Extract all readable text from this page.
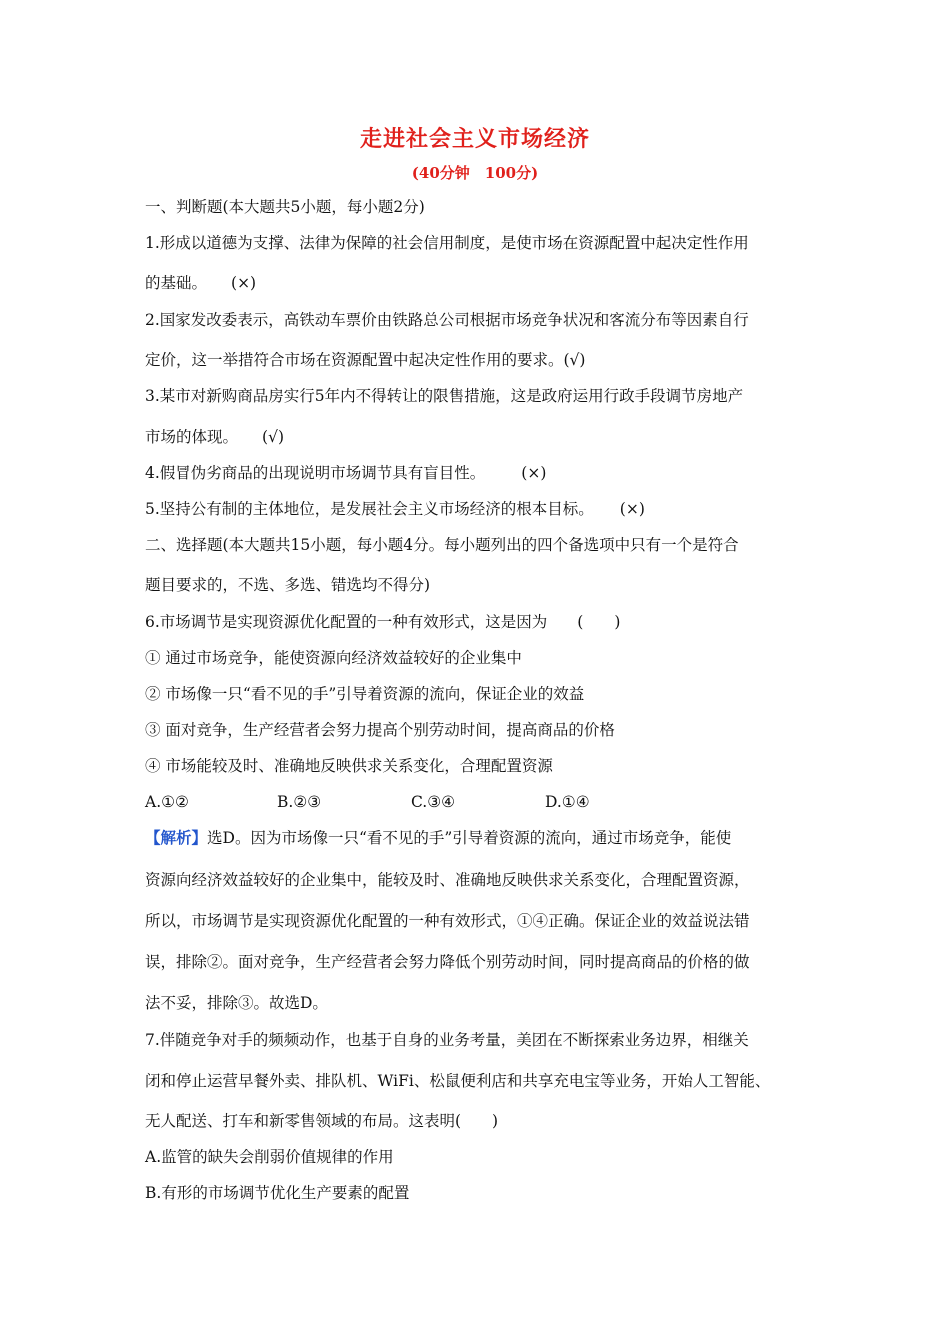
走进社会主义市场经济
(40分钟　100分)
一、判断题(本大题共5小题，每小题2分)
1.形成以道德为支撑、法律为保障的社会信用制度，是使市场在资源配置中起决定性作用
的基础。 (×)
2.国家发改委表示，高铁动车票价由铁路总公司根据市场竞争状况和客流分布等因素自行
定价，这一举措符合市场在资源配置中起决定性作用的要求。(√)
3.某市对新购商品房实行5年内不得转让的限售措施，这是政府运用行政手段调节房地产
市场的体现。 (√)
4.假冒伪劣商品的出现说明市场调节具有盲目性。 (×)
5.坚持公有制的主体地位，是发展社会主义市场经济的根本目标。 (×)
二、选择题(本大题共15小题，每小题4分。每小题列出的四个备选项中只有一个是符合
题目要求的，不选、多选、错选均不得分)
6.市场调节是实现资源优化配置的一种有效形式，这是因为 (　　)
① 通过市场竞争，能使资源向经济效益较好的企业集中
② 市场像一只“看不见的手”引导着资源的流向，保证企业的效益
③ 面对竞争，生产经营者会努力提高个别劳动时间，提高商品的价格
④ 市场能较及时、准确地反映供求关系变化，合理配置资源
A.①②	B.②③	C.③④	D.①④
【解析】选D。因为市场像一只“看不见的手”引导着资源的流向，通过市场竞争，能使
资源向经济效益较好的企业集中，能较及时、准确地反映供求关系变化，合理配置资源，
所以，市场调节是实现资源优化配置的一种有效形式，①④正确。保证企业的效益说法错
误，排除②。面对竞争，生产经营者会努力降低个别劳动时间，同时提高商品的价格的做
法不妥，排除③。故选D。
7.伴随竞争对手的频频动作，也基于自身的业务考量，美团在不断探索业务边界，相继关
闭和停止运营早餐外卖、排队机、WiFi、松鼠便利店和共享充电宝等业务，开始人工智能、
无人配送、打车和新零售领域的布局。这表明(　　)
A.监管的缺失会削弱价值规律的作用
B.有形的市场调节优化生产要素的配置
